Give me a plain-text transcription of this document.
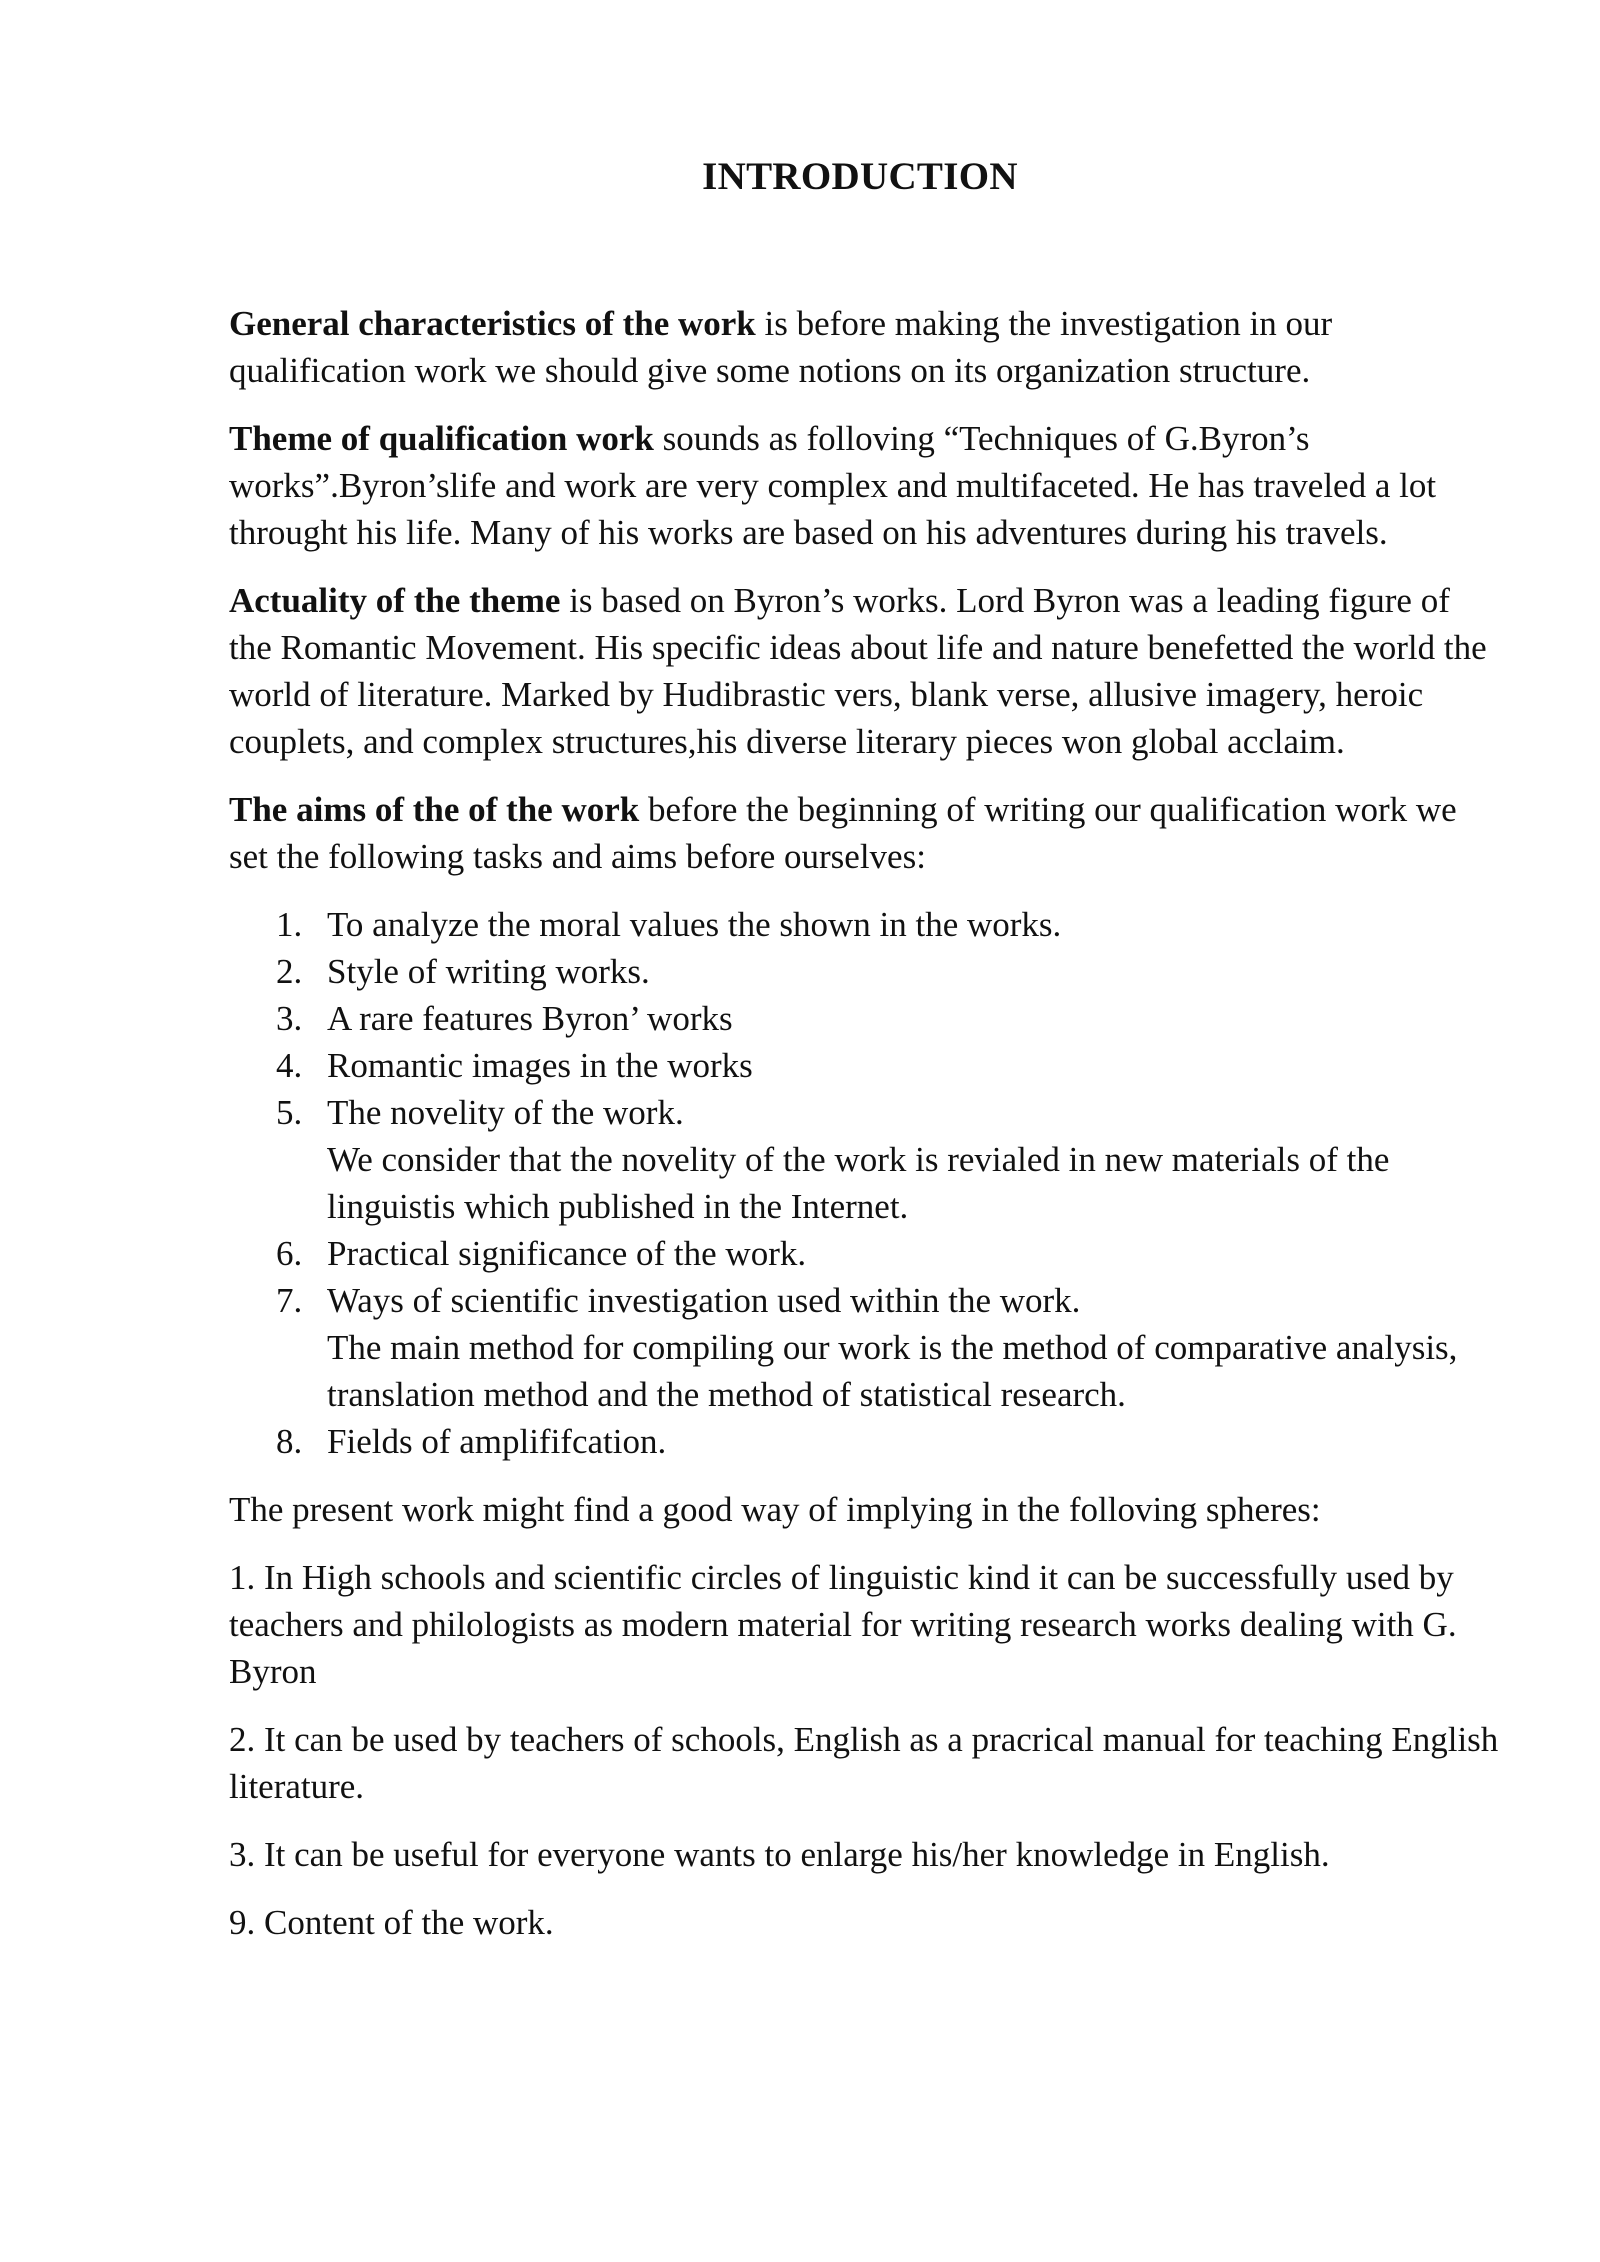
INTRODUCTION

General characteristics of the work is before making the investigation in our qualification work we should give some notions on its organization structure.

Theme of qualification work sounds as folloving “Techniques of G.Byron’s works”.Byron’slife and work are very complex and multifaceted. He has traveled a lot throught his life. Many of his works are based on his adventures during his travels.

Actuality of the theme is based on Byron’s works. Lord Byron was a leading figure of the Romantic Movement. His specific ideas about life and nature benefetted the world the world of literature. Marked by Hudibrastic vers, blank verse, allusive imagery, heroic couplets, and complex structures,his diverse literary pieces won global acclaim.

The aims of the of the work before the beginning of writing our qualification work we set the following tasks and aims before ourselves:

1. To analyze the moral values the shown in the works.
2. Style of writing works.
3. A rare features Byron’ works
4. Romantic images in the works
5. The novelity of the work.
We consider that the novelity of the work is revialed in new materials of the linguistis which published in the Internet.
6. Practical significance of the work.
7. Ways of scientific investigation used within the work.
The main method for compiling our work is the method of comparative analysis, translation method and the method of statistical research.
8. Fields of amplififcation.

The present work might find a good way of implying in the folloving spheres:

1. In High schools and scientific circles of linguistic kind it can be successfully used by teachers and philologists as modern material for writing research works dealing with G. Byron

2. It can be used by teachers of schools, English as a pracrical manual for teaching English literature.

3. It can be useful for everyone wants to enlarge his/her knowledge in English.

9. Content of the work.
